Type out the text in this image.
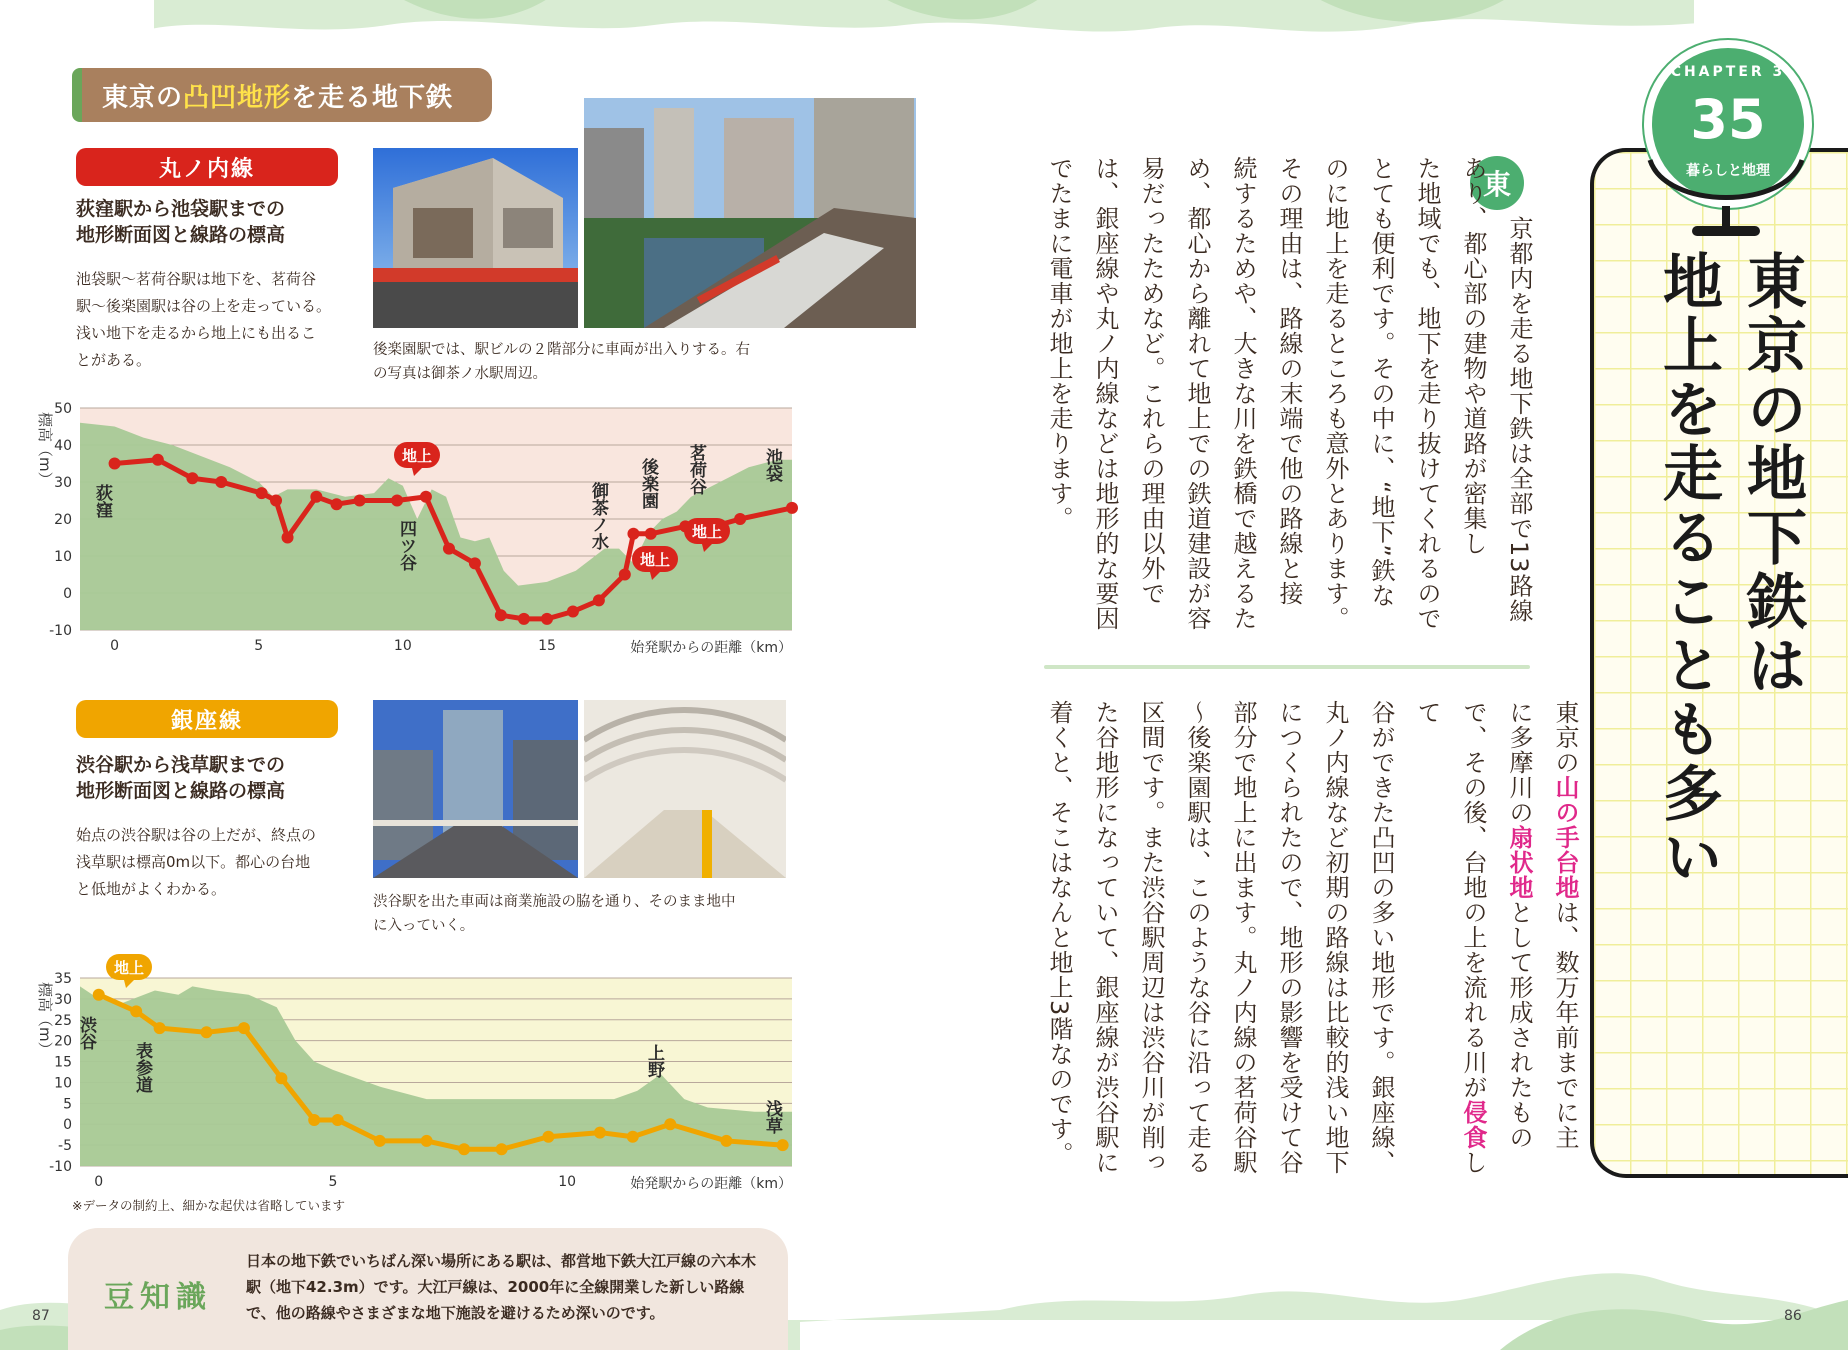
東京の凸凹地形を走る地下鉄
丸ノ内線
荻窪駅から池袋駅までの
地形断面図と線路の標高
池袋駅〜茗荷谷駅は地下を、茗荷谷
駅〜後楽園駅は谷の上を走っている。
浅い地下を走るから地上にも出るこ
とがある。
後楽園駅では、駅ビルの２階部分に車両が出入りする。右
の写真は御茶ノ水駅周辺。
-10
0
10
20
30
40
50
0	5	10	15
標高（m）
始発駅からの距離（km）
荻窪
四ツ谷	御茶ノ水 後楽園 茗荷谷	池袋
地上
地上
地上
銀座線
渋谷駅から浅草駅までの
地形断面図と線路の標高
始点の渋谷駅は谷の上だが、終点の
浅草駅は標高0m以下。都心の台地
と低地がよくわかる。
渋谷駅を出た車両は商業施設の脇を通り、そのまま地中
に入っていく。
-10
-5
0
5
10
15
20
25
30
35
0	5	10
標高（m）
始発駅からの距離（km）
渋谷
表参道	上野
浅草
地上
※データの制約上、細かな起伏は省略しています
豆知識
日本の地下鉄でいちばん深い場所にある駅は、都営地下鉄大江戸線の六本木駅（地下42.3m）です。大江戸線は、2000年に全線開業した新しい路線で、他の路線やさまざまな地下施設を避けるため深いのです。
87
東京の地下鉄は
地上を走ることも多い
CHAPTER 3
35
暮らしと地理
東
京都内を走る地下鉄は全部で13路線
あり、都心部の建物や道路が密集し
た地域でも、地下を走り抜けてくれるので
とても便利です。その中に、“地下”鉄な
のに地上を走るところも意外とあります。
その理由は、路線の末端で他の路線と接
続するためや、大きな川を鉄橋で越えるた
め、都心から離れて地上での鉄道建設が容
易だったためなど。これらの理由以外で
は、銀座線や丸ノ内線などは地形的な要因
でたまに電車が地上を走ります。
東京の山の手台地は、数万年前までに主
に多摩川の扇状地として形成されたもの
で、その後、台地の上を流れる川が侵食して
谷ができた凸凹の多い地形です。銀座線、
丸ノ内線など初期の路線は比較的浅い地下
につくられたので、地形の影響を受けて谷
部分で地上に出ます。丸ノ内線の茗荷谷駅
〜後楽園駅は、このような谷に沿って走る
区間です。また渋谷駅周辺は渋谷川が削っ
た谷地形になっていて、銀座線が渋谷駅に
着くと、そこはなんと地上3階なのです。
86
